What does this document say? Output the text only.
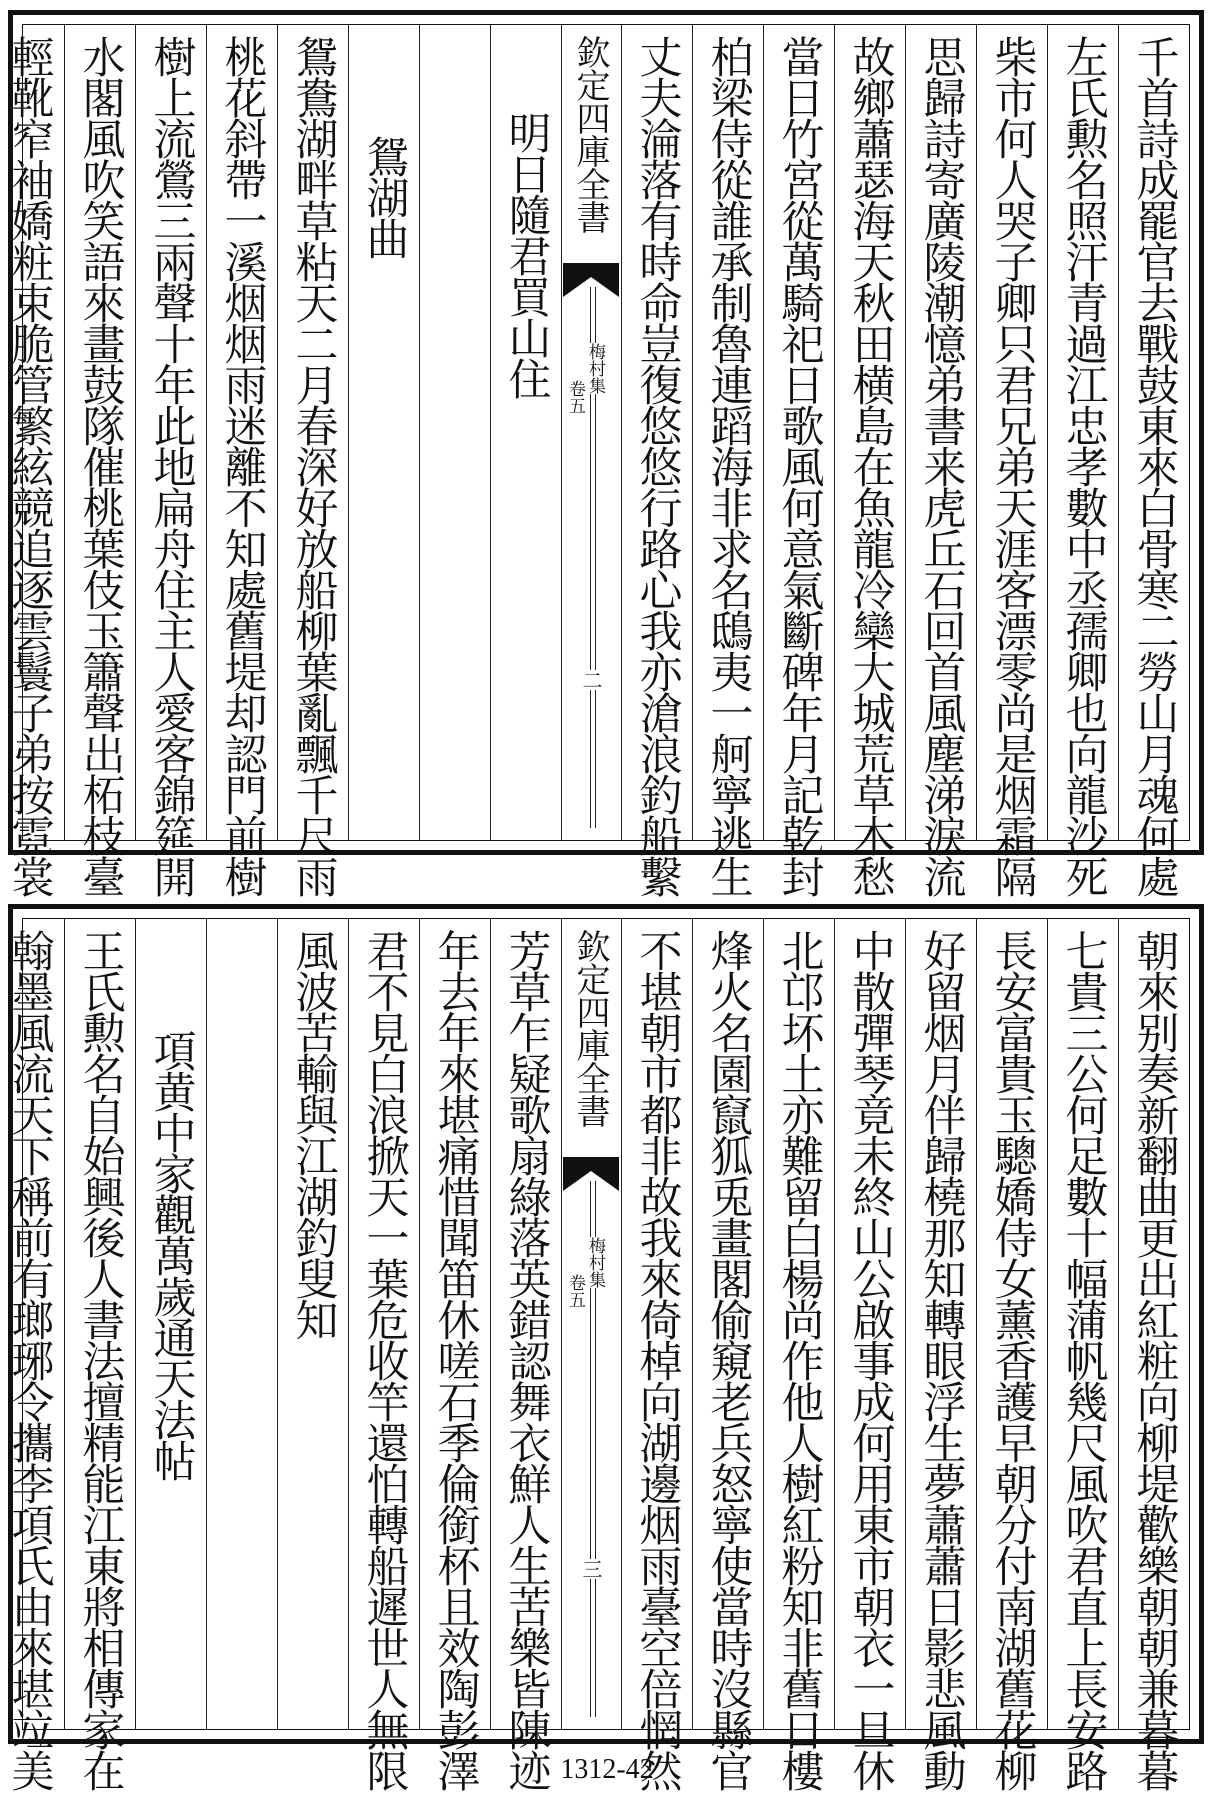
千首詩成罷官去戰鼓東來白骨寒二勞山月魂何處
左氏勲名照汗青過江忠孝數中丞孺卿也向龍沙死
柴市何人哭子卿只君兄弟天涯客漂零尚是烟霜隔
思歸詩寄廣陵潮憶弟書来虎丘石回首風塵涕淚流
故鄉蕭瑟海天秋田横島在魚龍冷欒大城荒草木愁
當日竹宮從萬騎祀日歌風何意氣斷碑年月記乾封
柏梁侍從誰承制魯連蹈海非求名鴟夷一舸寧逃生
丈夫淪落有時命豈復悠悠行路心我亦滄浪釣船繫
欽定四庫全書
梅村集
卷五
二
明日隨君買山住
鴛湖曲
鴛鴦湖畔草粘天二月春深好放船柳葉亂飄千尺雨
桃花斜帶一溪烟烟雨迷離不知處舊堤却認門前樹
樹上流鶯三兩聲十年此地扁舟住主人愛客錦筵開
水閣風吹笑語來畫鼓隊催桃葉伎玉簫聲出柘枝臺
輕靴窄袖嬌粧束脆管繁絃競追逐雲鬟子弟按霓裳
朝來别奏新翻曲更出紅粧向柳堤歡樂朝朝兼暮暮
七貴三公何足數十幅蒲帆幾尺風吹君直上長安路
長安富貴玉驄嬌侍女薰香護早朝分付南湖舊花柳
好留烟月伴歸橈那知轉眼浮生夢蕭蕭日影悲風動
中散彈琴竟未終山公啟事成何用東市朝衣一旦休
北邙坏土亦難留白楊尚作他人樹紅粉知非舊日樓
烽火名園竄狐兎畫閣偷窺老兵怒寧使當時沒縣官
不堪朝市都非故我來倚棹向湖邊烟雨臺空倍惘然
欽定四庫全書
梅村集
卷五
三
芳草乍疑歌扇綠落英錯認舞衣鮮人生苦樂皆陳迹
年去年來堪痛惜聞笛休嗟石季倫銜杯且效陶彭澤
君不見白浪掀天一葉危收竿還怕轉船遲世人無限
風波苦輸與江湖釣叟知
項黄中家觀萬歲通天法帖
王氏勲名自始興後人書法擅精能江東將相傳家在
翰墨風流天下稱前有瑯琊令攜李項氏由來堪竝美	1312-42
